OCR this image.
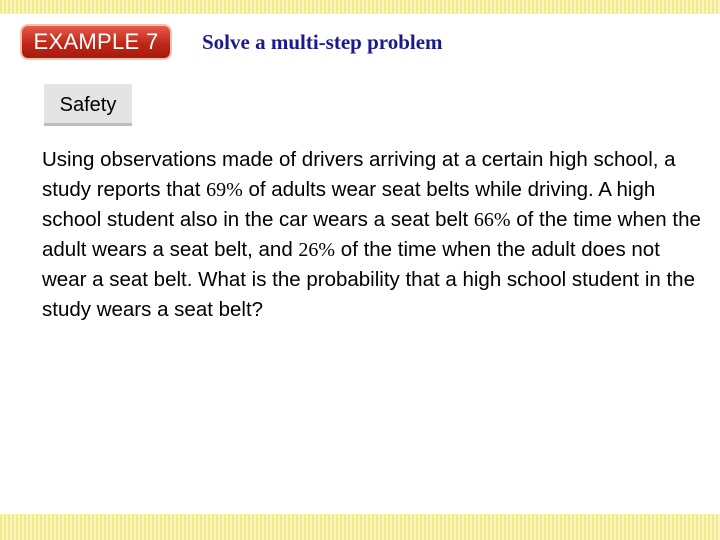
EXAMPLE 7	Solve a multi-step problem
Safety
Using observations made of drivers arriving at a certain high school, a study reports that 69% of adults wear seat belts while driving. A high school student also in the car wears a seat belt 66% of the time when the adult wears a seat belt, and 26% of the time when the adult does not wear a seat belt. What is the probability that a high school student in the study wears a seat belt?
